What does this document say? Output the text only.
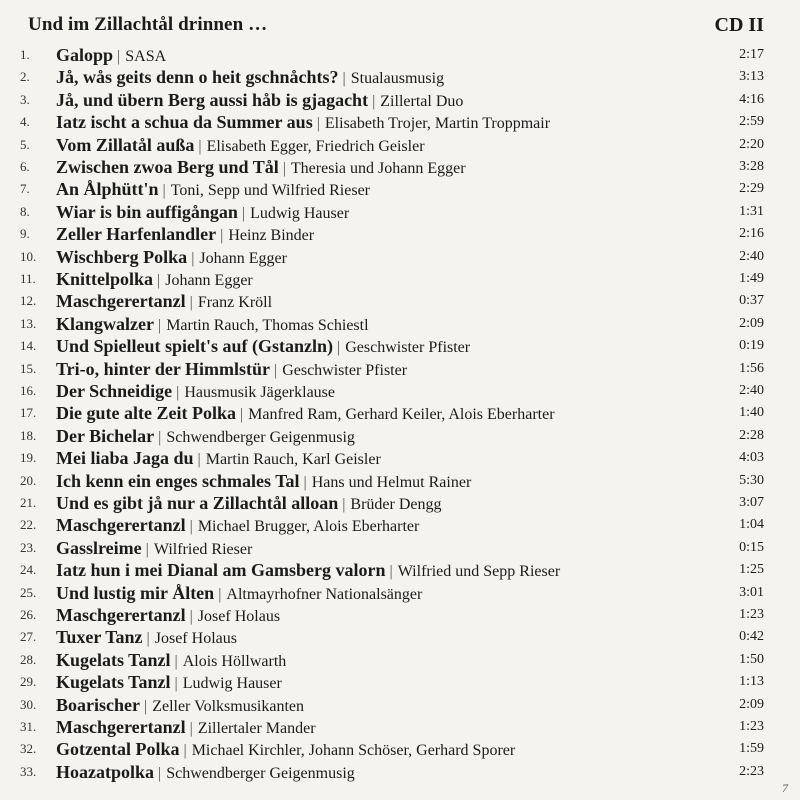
Und im Zillachtål drinnen …	CD II
1.	Galopp | SASA	2:17
2.	Jå, wås geits denn o heit gschnåchts? | Stualausmusig	3:13
3.	Jå, und übern Berg aussi håb is gjagacht | Zillertal Duo	4:16
4.	Iatz ischt a schua da Summer aus | Elisabeth Trojer, Martin Troppmair	2:59
5.	Vom Zillatål außa | Elisabeth Egger, Friedrich Geisler	2:20
6.	Zwischen zwoa Berg und Tål | Theresia und Johann Egger	3:28
7.	An Ålphütt'n | Toni, Sepp und Wilfried Rieser	2:29
8.	Wiar is bin auffigångan | Ludwig Hauser	1:31
9.	Zeller Harfenlandler | Heinz Binder	2:16
10.	Wischberg Polka | Johann Egger	2:40
11.	Knittelpolka | Johann Egger	1:49
12.	Maschgerertanzl | Franz Kröll	0:37
13.	Klangwalzer | Martin Rauch, Thomas Schiestl	2:09
14.	Und Spielleut spielt's auf (Gstanzln) | Geschwister Pfister	0:19
15.	Tri-o, hinter der Himmlstür | Geschwister Pfister	1:56
16.	Der Schneidige | Hausmusik Jägerklause	2:40
17.	Die gute alte Zeit Polka | Manfred Ram, Gerhard Keiler, Alois Eberharter	1:40
18.	Der Bichelar | Schwendberger Geigenmusig	2:28
19.	Mei liaba Jaga du | Martin Rauch, Karl Geisler	4:03
20.	Ich kenn ein enges schmales Tal | Hans und Helmut Rainer	5:30
21.	Und es gibt jå nur a Zillachtål alloan | Brüder Dengg	3:07
22.	Maschgerertanzl | Michael Brugger, Alois Eberharter	1:04
23.	Gasslreime | Wilfried Rieser	0:15
24.	Iatz hun i mei Dianal am Gamsberg valorn | Wilfried und Sepp Rieser	1:25
25.	Und lustig mir Ålten | Altmayrhofner Nationalsänger	3:01
26.	Maschgerertanzl | Josef Holaus	1:23
27.	Tuxer Tanz | Josef Holaus	0:42
28.	Kugelats Tanzl | Alois Höllwarth	1:50
29.	Kugelats Tanzl | Ludwig Hauser	1:13
30.	Boarischer | Zeller Volksmusikanten	2:09
31.	Maschgerertanzl | Zillertaler Mander	1:23
32.	Gotzental Polka | Michael Kirchler, Johann Schöser, Gerhard Sporer	1:59
33.	Hoazatpolka | Schwendberger Geigenmusig	2:23
7
